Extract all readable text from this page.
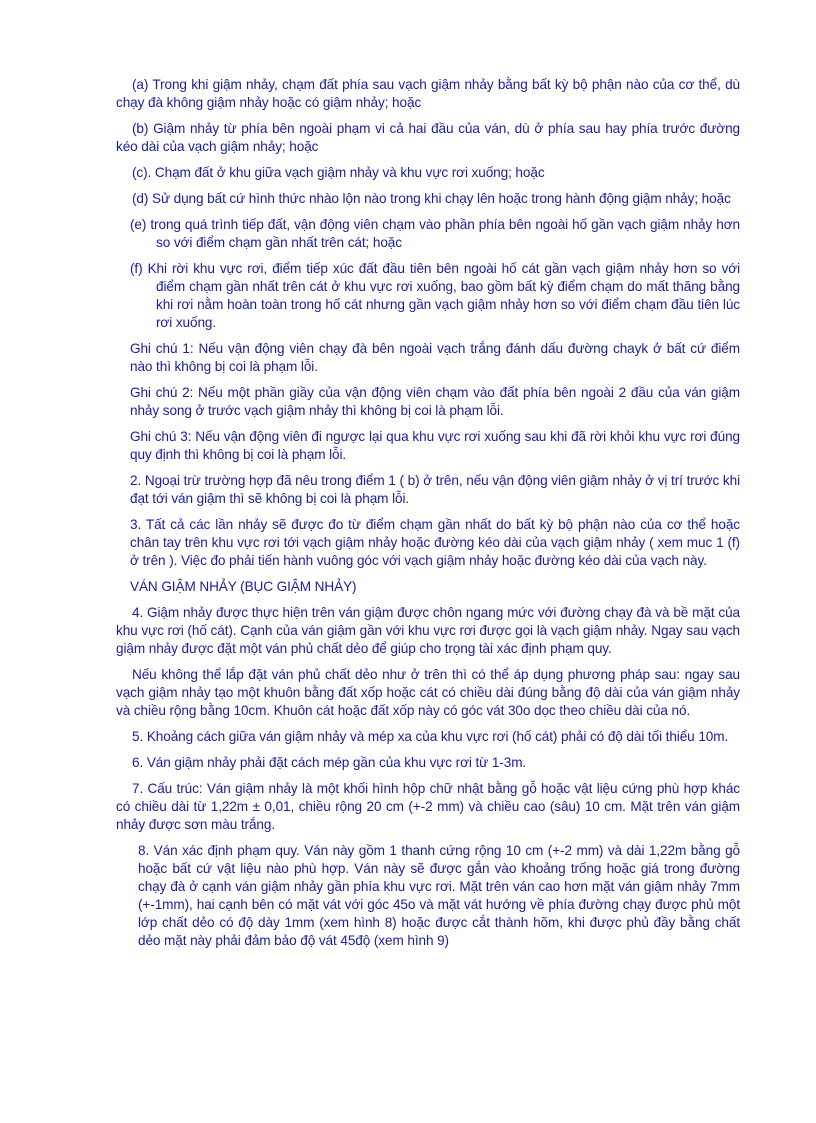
(a) Trong khi giậm nhảy, chạm đất phía sau vạch giậm nhảy bằng bất kỳ bộ phận nào của cơ thể, dù chạy đà không giậm nhảy hoặc có giậm nhảy; hoặc

(b) Giậm nhảy từ phía bên ngoài phạm vi cả hai đầu của ván, dù ở phía sau hay phía trước đường kéo dài của vạch giậm nhảy; hoặc

(c). Chạm đất ở khu giữa vạch giậm nhảy và khu vực rơi xuống; hoặc

(d) Sử dụng bất cứ hình thức nhào lộn nào trong khi chạy lên hoặc trong hành động giậm nhảy; hoặc

(e) trong quá trình tiếp đất, vận động viên chạm vào phần phía bên ngoài hố gần vạch giậm nhảy hơn so với điểm chạm gần nhất trên cát; hoặc

(f) Khi rời khu vực rơi, điểm tiếp xúc đất đầu tiên bên ngoài hố cát gần vạch giậm nhảy hơn so với điểm chạm gần nhất trên cát ở khu vực rơi xuống, bao gồm bất kỳ điểm chạm do mất thăng bằng khi rơi nằm hoàn toàn trong hố cát nhưng gần vạch giậm nhảy hơn so với điểm chạm đầu tiên lúc rơi xuống.

Ghi chú 1: Nếu vận động viên chạy đà bên ngoài vạch trắng đánh dấu đường chayk ở bất cứ điểm nào thì không bị coi là phạm lỗi.

Ghi chú 2: Nếu một phần giầy của vận động viên chạm vào đất phía bên ngoài 2 đầu của ván giậm nhảy song ở trước vạch giậm nhảy thì không bị coi là phạm lỗi.

Ghi chú 3: Nếu vận động viên đi ngược lại qua khu vực rơi xuống sau khi đã rời khỏi khu vực rơi đúng quy định thì không bị coi là phạm lỗi.

2. Ngoại trừ trường hợp đã nêu trong điểm 1 ( b) ở trên, nếu vận động viên giậm nhảy ở vị trí trước khi đạt tới ván giậm thì sẽ không bị coi là phạm lỗi.

3. Tất cả các lần nhảy sẽ được đo từ điểm chạm gần nhất do bất kỳ bộ phận nào của cơ thể hoặc chân tay trên khu vực rơi tới vạch giậm nhảy hoặc đường kéo dài của vạch giậm nhảy ( xem muc 1 (f) ở trên ). Việc đo phải tiến hành vuông góc với vạch giậm nhảy hoặc đường kéo dài của vạch này.

VÁN GIẬM NHẢY (BỤC GIẬM NHẢY)

4. Giậm nhảy được thực hiện trên ván giậm được chôn ngang mức với đường chạy đà và bề mặt của khu vực rơi (hố cát). Cạnh của ván giậm gần với khu vực rơi được gọi là vạch giậm nhảy. Ngay sau vạch giậm nhảy được đặt một ván phủ chất dẻo để giúp cho trọng tài xác định phạm quy.

Nếu không thể lắp đặt ván phủ chất dẻo như ở trên thì có thể áp dụng phương pháp sau: ngay sau vạch giậm nhảy tạo một khuôn bằng đất xốp hoặc cát có chiều dài đúng bằng độ dài của ván giậm nhảy và chiều rộng bằng 10cm. Khuôn cát hoặc đất xốp này có góc vát 30o dọc theo chiều dài của nó.

5. Khoảng cách giữa ván giậm nhảy và mép xa của khu vực rơi (hố cát) phải có độ dài tối thiểu 10m.

6. Ván giậm nhảy phải đặt cách mép gần của khu vực rơi từ 1-3m.

7. Cấu trúc: Ván giậm nhảy là một khối hình hộp chữ nhật bằng gỗ hoặc vật liệu cứng phù hợp khác có chiều dài từ 1,22m ± 0,01, chiều rộng 20 cm (+-2 mm) và chiều cao (sâu) 10 cm. Mặt trên ván giậm nhảy được sơn màu trắng.

8. Ván xác định phạm quy. Ván này gồm 1 thanh cứng rộng 10 cm (+-2 mm) và dài 1,22m bằng gỗ hoặc bất cứ vật liệu nào phù hợp. Ván này sẽ được gắn vào khoảng trống hoặc giá trong đường chạy đà ở cạnh ván giậm nhảy gần phía khu vực rơi. Mặt trên ván cao hơn mặt ván giậm nhảy 7mm (+-1mm), hai cạnh bên có mặt vát với góc 45o và mặt vát hướng về phía đường chạy được phủ một lớp chất dẻo có độ dày 1mm (xem hình 8) hoặc được cắt thành hõm, khi được phủ đầy bằng chất dẻo mặt này phải đảm bảo độ vát 45độ (xem hình 9)
